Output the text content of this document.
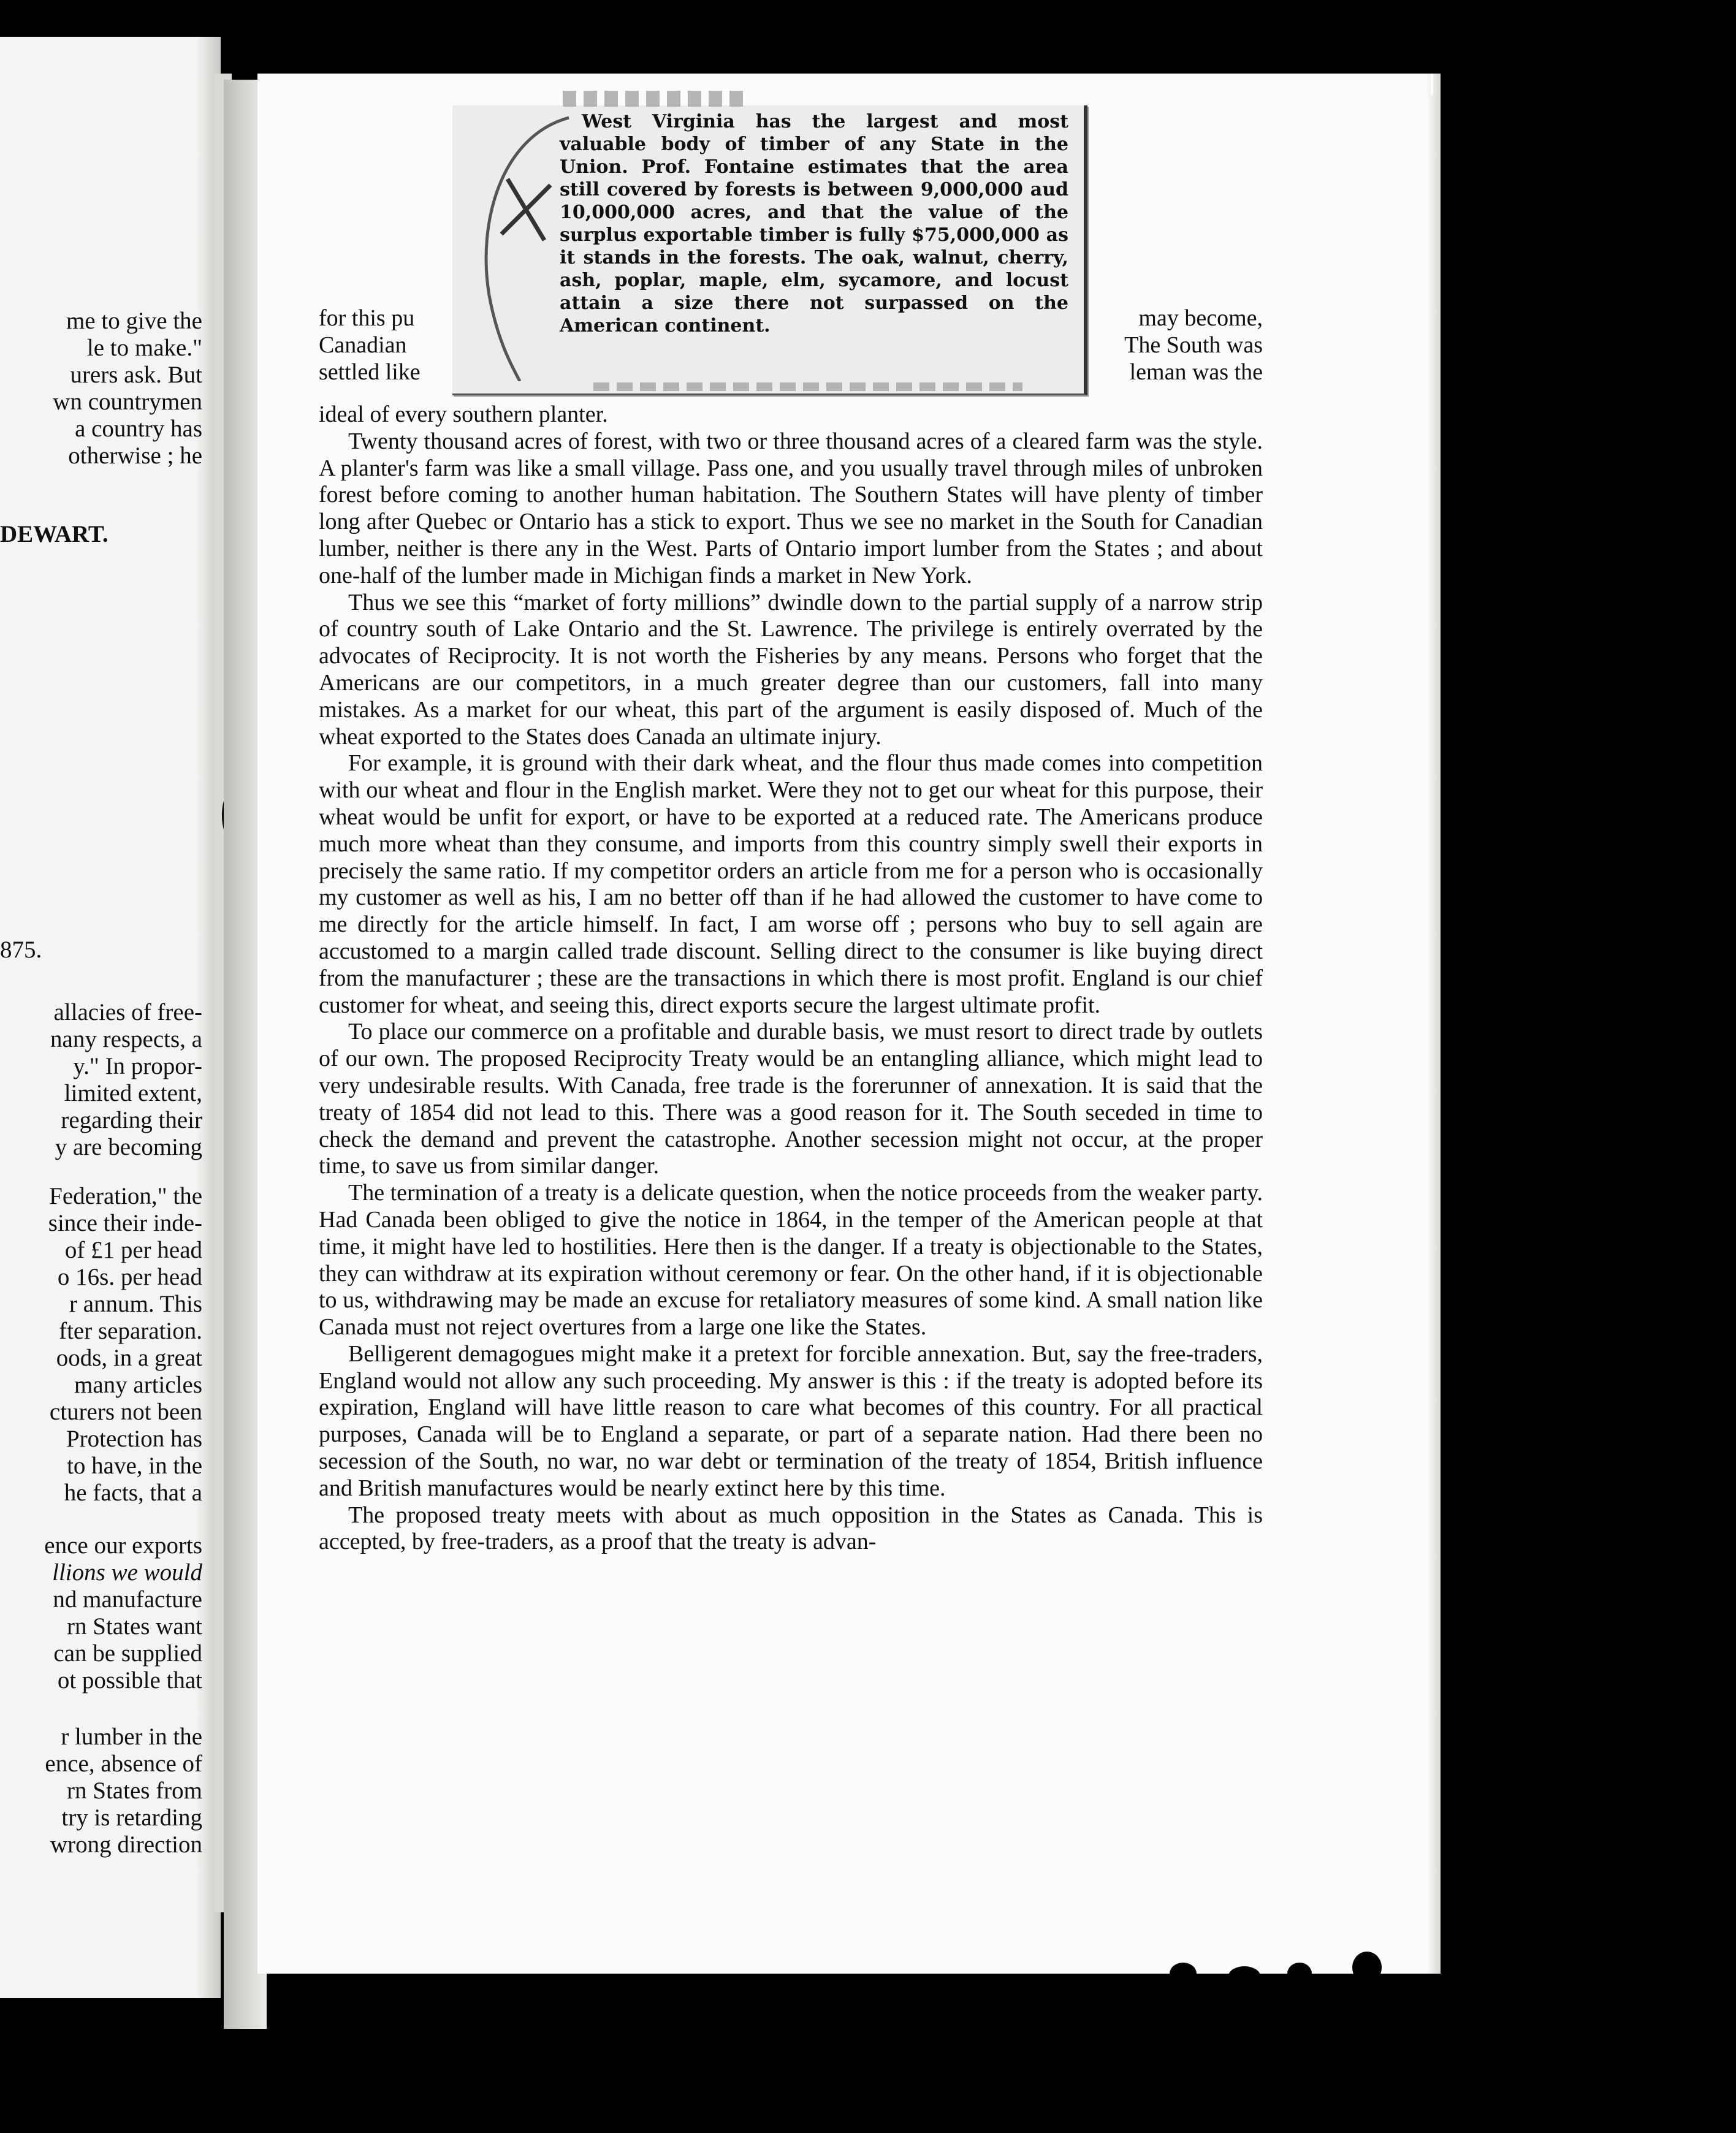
me to give the
le to make."
urers ask. But
wn countrymen
a country has
otherwise ; he
DEWART.
875.
allacies of free-
nany respects, a
y." In propor-
limited extent,
regarding their
y are becoming
Federation," the
since their inde-
of £1 per head
o 16s. per head
r annum. This
fter separation.
oods, in a great
many articles
cturers not been
Protection has
to have, in the
he facts, that a
ence our exports
llions we would
nd manufacture
rn States want
can be supplied
ot possible that
r lumber in the
ence, absence of
rn States from
try is retarding
wrong direction
for this pu	may become,
Canadian	The South was
settled like	leman was the

ideal of every southern planter.

Twenty thousand acres of forest, with two or three thousand acres of a cleared farm was the style. A planter's farm was like a small village. Pass one, and you usually travel through miles of unbroken forest before coming to another human habitation. The Southern States will have plenty of timber long after Quebec or Ontario has a stick to export. Thus we see no market in the South for Canadian lumber, neither is there any in the West. Parts of Ontario import lumber from the States ; and about one-half of the lumber made in Michigan finds a market in New York.

Thus we see this “market of forty millions” dwindle down to the partial supply of a narrow strip of country south of Lake Ontario and the St. Lawrence. The privilege is entirely overrated by the advocates of Reciprocity. It is not worth the Fisheries by any means. Persons who forget that the Americans are our competitors, in a much greater degree than our customers, fall into many mistakes. As a market for our wheat, this part of the argument is easily disposed of. Much of the wheat exported to the States does Canada an ultimate injury.

For example, it is ground with their dark wheat, and the flour thus made comes into competition with our wheat and flour in the English market. Were they not to get our wheat for this purpose, their wheat would be unfit for export, or have to be exported at a reduced rate. The Americans produce much more wheat than they consume, and imports from this country simply swell their exports in precisely the same ratio. If my competitor orders an article from me for a person who is occasionally my customer as well as his, I am no better off than if he had allowed the customer to have come to me directly for the article himself. In fact, I am worse off ; persons who buy to sell again are accustomed to a margin called trade discount. Selling direct to the consumer is like buying direct from the manufacturer ; these are the transactions in which there is most profit. England is our chief customer for wheat, and seeing this, direct exports secure the largest ultimate profit.

To place our commerce on a profitable and durable basis, we must resort to direct trade by outlets of our own. The proposed Reciprocity Treaty would be an entangling alliance, which might lead to very undesirable results. With Canada, free trade is the forerunner of annexation. It is said that the treaty of 1854 did not lead to this. There was a good reason for it. The South seceded in time to check the demand and prevent the catastrophe. Another secession might not occur, at the proper time, to save us from similar danger.

The termination of a treaty is a delicate question, when the notice proceeds from the weaker party. Had Canada been obliged to give the notice in 1864, in the temper of the American people at that time, it might have led to hostilities. Here then is the danger. If a treaty is objectionable to the States, they can withdraw at its expiration without ceremony or fear. On the other hand, if it is objectionable to us, withdrawing may be made an excuse for retaliatory measures of some kind. A small nation like Canada must not reject overtures from a large one like the States.

Belligerent demagogues might make it a pretext for forcible annexation. But, say the free-traders, England would not allow any such proceeding. My answer is this : if the treaty is adopted before its expiration, England will have little reason to care what becomes of this country. For all practical purposes, Canada will be to England a separate, or part of a separate nation. Had there been no secession of the South, no war, no war debt or termination of the treaty of 1854, British influence and British manufactures would be nearly extinct here by this time.

The proposed treaty meets with about as much opposition in the States as Canada. This is accepted, by free-traders, as a proof that the treaty is advan-

West Virginia has the largest and most valuable body of timber of any State in the Union. Prof. Fontaine estimates that the area still covered by forests is between 9,000,000 aud 10,000,000 acres, and that the value of the surplus exportable timber is fully $75,000,000 as it stands in the forests. The oak, walnut, cherry, ash, poplar, maple, elm, sycamore, and locust attain a size there not surpassed on the American continent.
